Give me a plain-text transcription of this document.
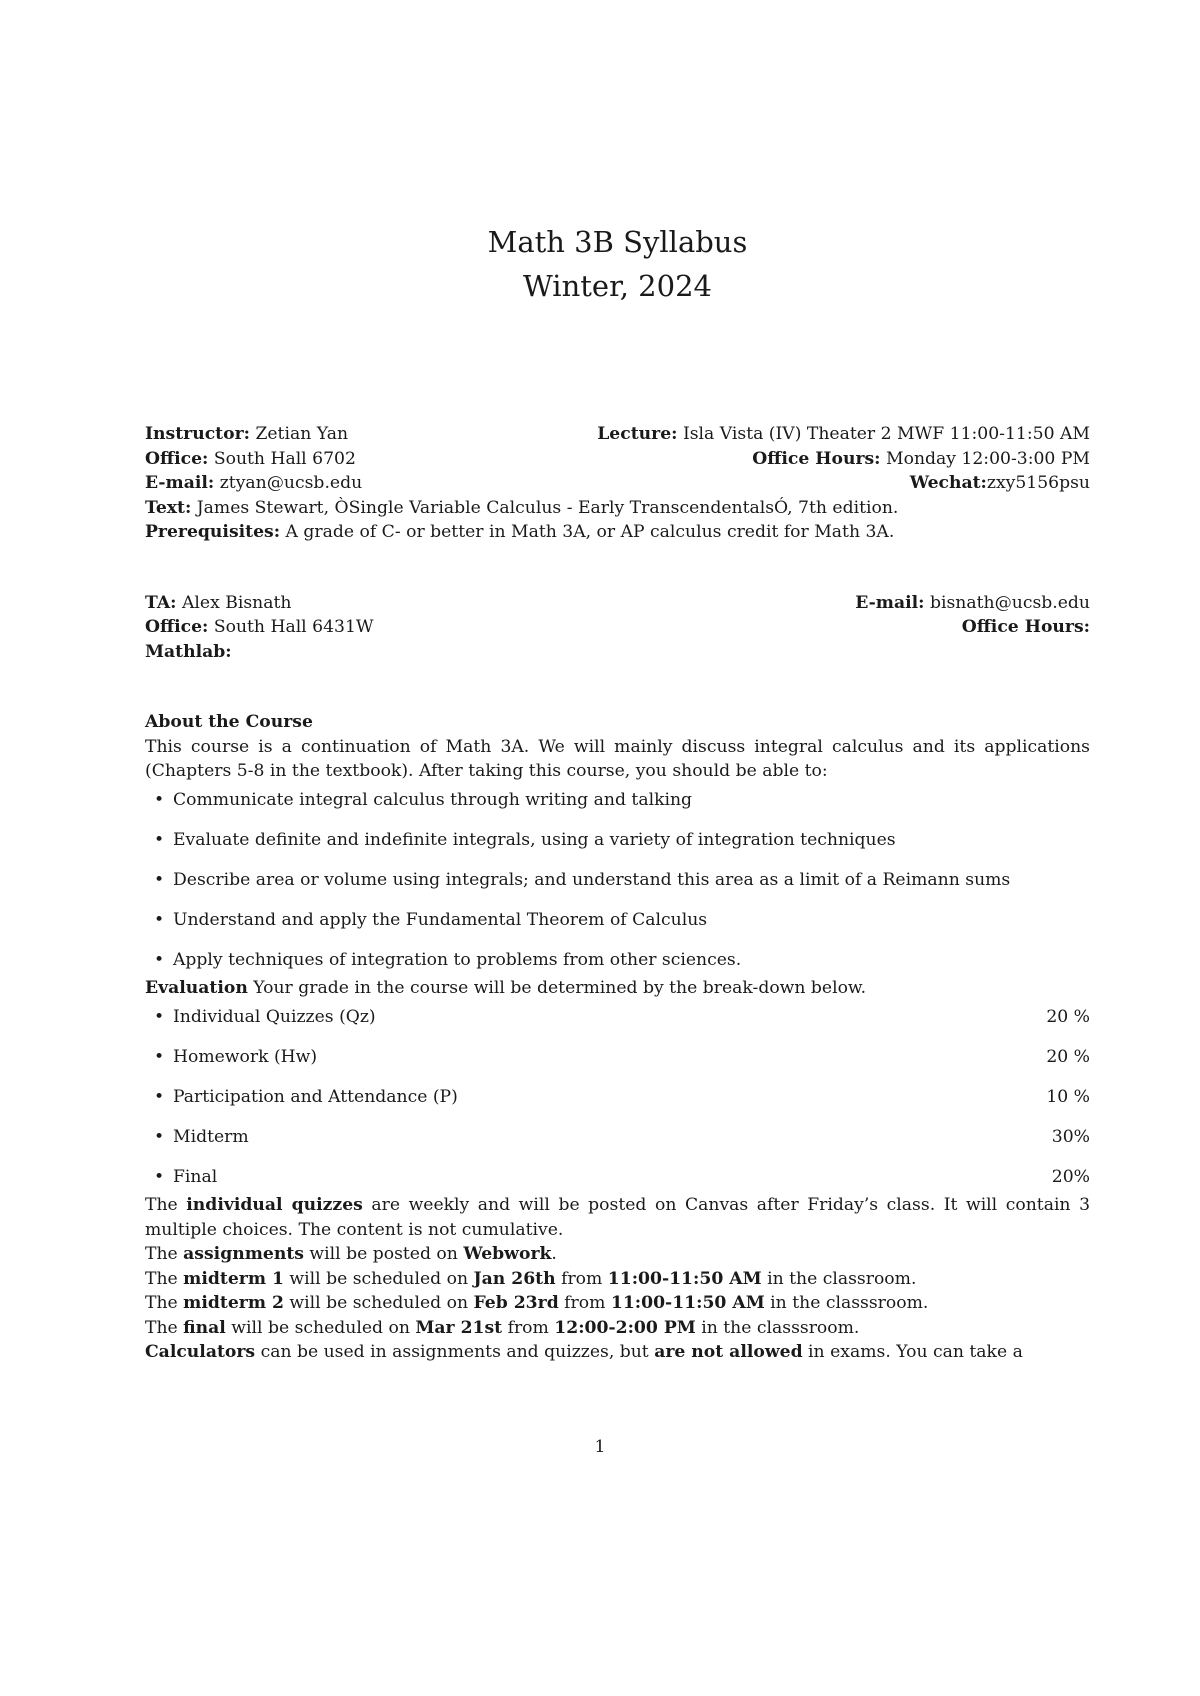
Math 3B Syllabus
Winter, 2024
Instructor: Zetian Yan	Lecture: Isla Vista (IV) Theater 2 MWF 11:00-11:50 AM
Office: South Hall 6702	Office Hours: Monday 12:00-3:00 PM
E-mail: ztyan@ucsb.edu	Wechat:zxy5156psu
Text: James Stewart, ÒSingle Variable Calculus - Early TranscendentalsÓ, 7th edition.
Prerequisites: A grade of C- or better in Math 3A, or AP calculus credit for Math 3A.
TA: Alex Bisnath	E-mail: bisnath@ucsb.edu
Office: South Hall 6431W	Office Hours:
Mathlab:
About the Course
This course is a continuation of Math 3A. We will mainly discuss integral calculus and its applications (Chapters 5-8 in the textbook). After taking this course, you should be able to:
• Communicate integral calculus through writing and talking
• Evaluate definite and indefinite integrals, using a variety of integration techniques
• Describe area or volume using integrals; and understand this area as a limit of a Reimann sums
• Understand and apply the Fundamental Theorem of Calculus
• Apply techniques of integration to problems from other sciences.
Evaluation Your grade in the course will be determined by the break-down below.
• Individual Quizzes (Qz)	20 %
• Homework (Hw)	20 %
• Participation and Attendance (P)	10 %
• Midterm	30%
• Final	20%
The individual quizzes are weekly and will be posted on Canvas after Friday’s class. It will contain 3 multiple choices. The content is not cumulative.
The assignments will be posted on Webwork.
The midterm 1 will be scheduled on Jan 26th from 11:00-11:50 AM in the classroom.
The midterm 2 will be scheduled on Feb 23rd from 11:00-11:50 AM in the classsroom.
The final will be scheduled on Mar 21st from 12:00-2:00 PM in the classsroom.
Calculators can be used in assignments and quizzes, but are not allowed in exams. You can take a
1
